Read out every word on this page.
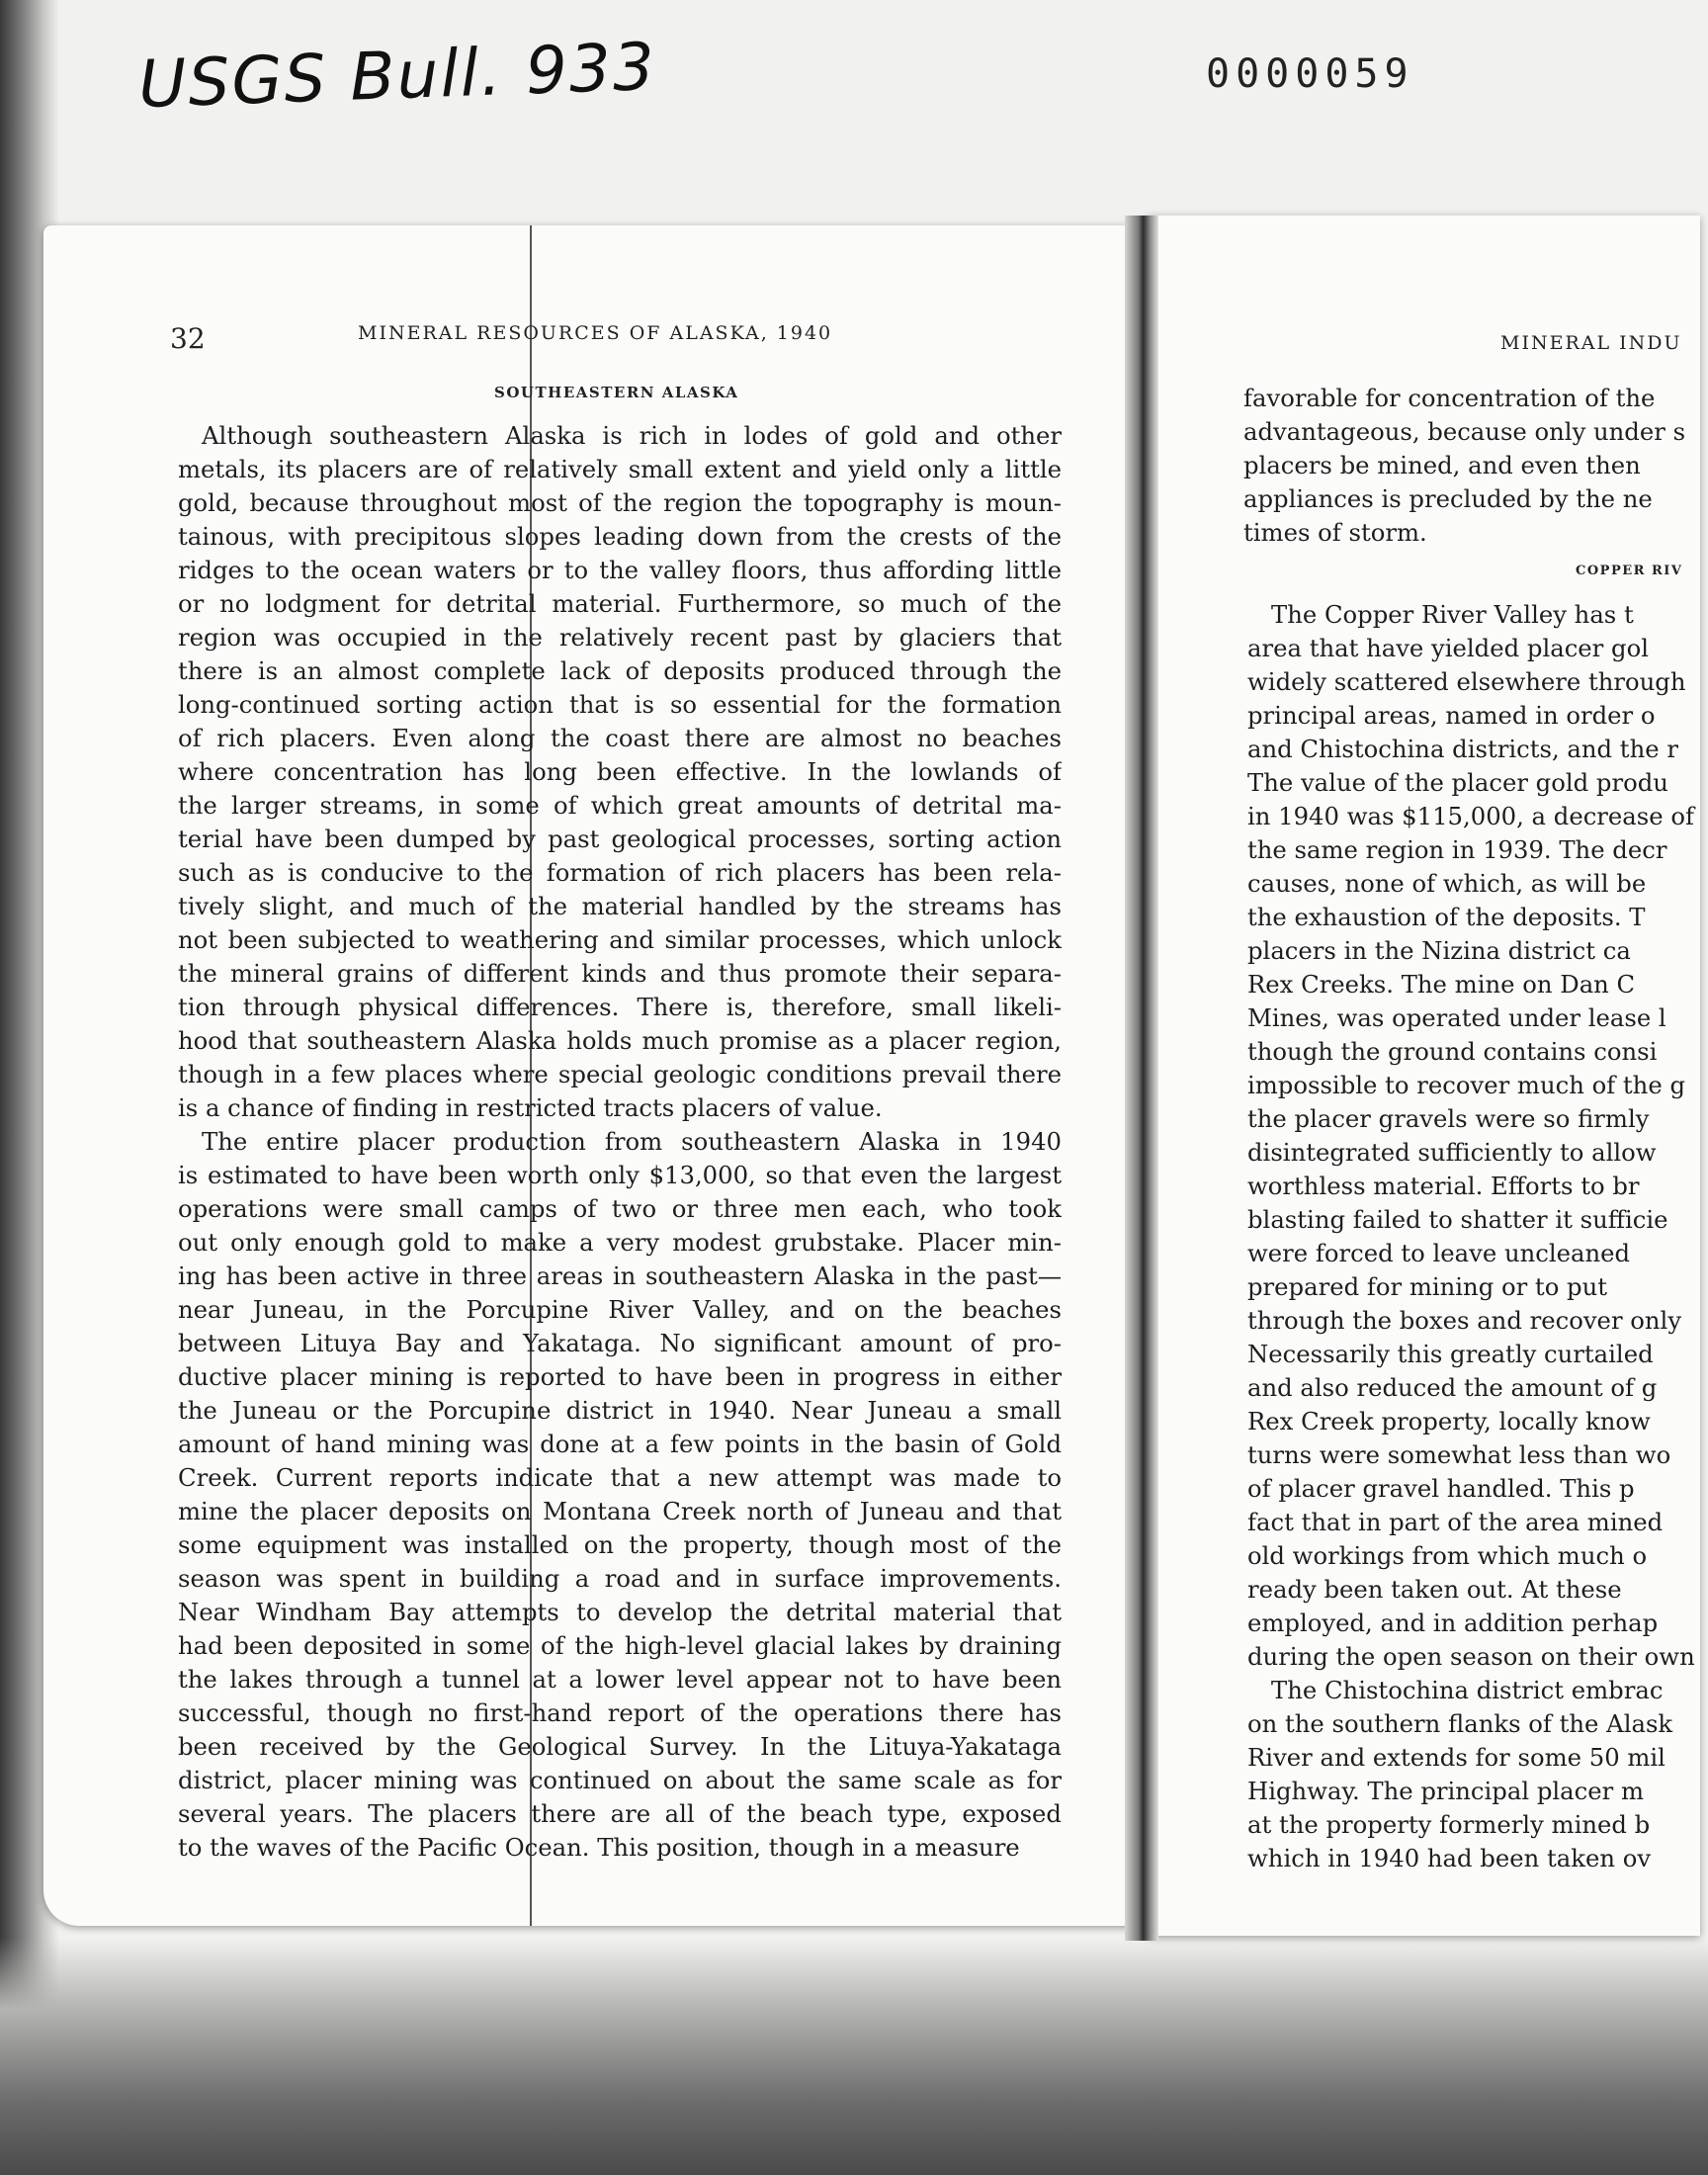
USGS Bull. 933	0000059
32	MINERAL RESOURCES OF ALASKA, 1940
SOUTHEASTERN ALASKA
Although southeastern Alaska is rich in lodes of gold and other
metals, its placers are of relatively small extent and yield only a little
gold, because throughout most of the region the topography is moun-
tainous, with precipitous slopes leading down from the crests of the
ridges to the ocean waters or to the valley floors, thus affording little
or no lodgment for detrital material. Furthermore, so much of the
region was occupied in the relatively recent past by glaciers that
there is an almost complete lack of deposits produced through the
long-continued sorting action that is so essential for the formation
of rich placers. Even along the coast there are almost no beaches
where concentration has long been effective. In the lowlands of
the larger streams, in some of which great amounts of detrital ma-
terial have been dumped by past geological processes, sorting action
such as is conducive to the formation of rich placers has been rela-
tively slight, and much of the material handled by the streams has
not been subjected to weathering and similar processes, which unlock
the mineral grains of different kinds and thus promote their separa-
tion through physical differences. There is, therefore, small likeli-
hood that southeastern Alaska holds much promise as a placer region,
though in a few places where special geologic conditions prevail there
is a chance of finding in restricted tracts placers of value.
The entire placer production from southeastern Alaska in 1940
is estimated to have been worth only $13,000, so that even the largest
operations were small camps of two or three men each, who took
out only enough gold to make a very modest grubstake. Placer min-
ing has been active in three areas in southeastern Alaska in the past—
near Juneau, in the Porcupine River Valley, and on the beaches
between Lituya Bay and Yakataga. No significant amount of pro-
ductive placer mining is reported to have been in progress in either
the Juneau or the Porcupine district in 1940. Near Juneau a small
amount of hand mining was done at a few points in the basin of Gold
Creek. Current reports indicate that a new attempt was made to
mine the placer deposits on Montana Creek north of Juneau and that
some equipment was installed on the property, though most of the
season was spent in building a road and in surface improvements.
Near Windham Bay attempts to develop the detrital material that
had been deposited in some of the high-level glacial lakes by draining
the lakes through a tunnel at a lower level appear not to have been
successful, though no first-hand report of the operations there has
been received by the Geological Survey. In the Lituya-Yakataga
district, placer mining was continued on about the same scale as for
several years. The placers there are all of the beach type, exposed
to the waves of the Pacific Ocean. This position, though in a measure
MINERAL INDU
favorable for concentration of the
advantageous, because only under s
placers be mined, and even then
appliances is precluded by the ne
times of storm.
COPPER RIV
The Copper River Valley has t
area that have yielded placer gol
widely scattered elsewhere through
principal areas, named in order o
and Chistochina districts, and the r
The value of the placer gold produ
in 1940 was $115,000, a decrease of
the same region in 1939. The decr
causes, none of which, as will be
the exhaustion of the deposits. T
placers in the Nizina district ca
Rex Creeks. The mine on Dan C
Mines, was operated under lease l
though the ground contains consi
impossible to recover much of the g
the placer gravels were so firmly
disintegrated sufficiently to allow
worthless material. Efforts to br
blasting failed to shatter it sufficie
were forced to leave uncleaned
prepared for mining or to put
through the boxes and recover only
Necessarily this greatly curtailed
and also reduced the amount of g
Rex Creek property, locally know
turns were somewhat less than wo
of placer gravel handled. This p
fact that in part of the area mined
old workings from which much o
ready been taken out. At these
employed, and in addition perhap
during the open season on their own
The Chistochina district embrac
on the southern flanks of the Alask
River and extends for some 50 mil
Highway. The principal placer m
at the property formerly mined b
which in 1940 had been taken ov
